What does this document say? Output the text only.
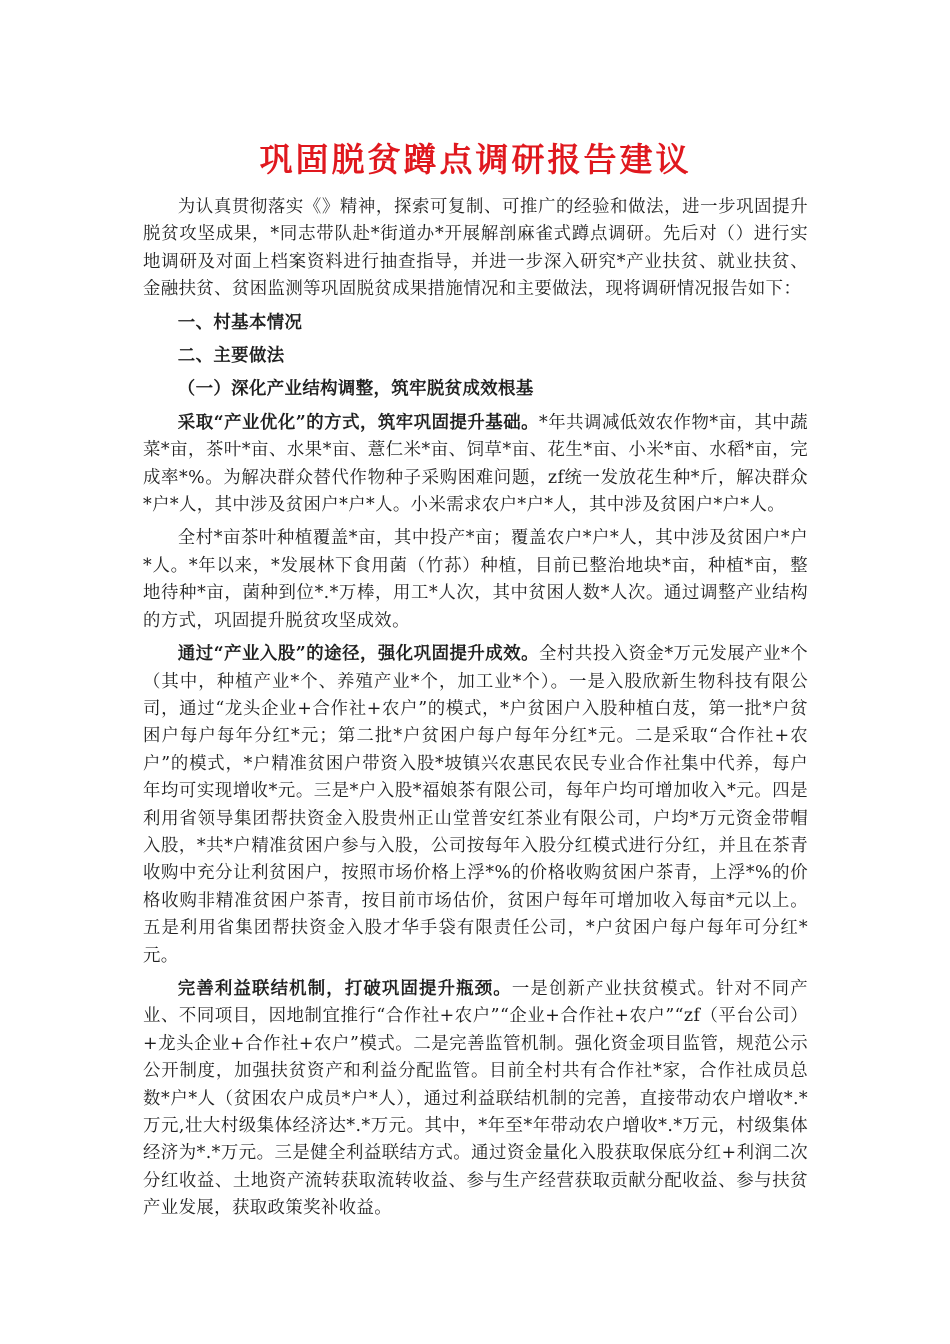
巩固脱贫蹲点调研报告建议

为认真贯彻落实《》精神，探索可复制、可推广的经验和做法，进一步巩固提升脱贫攻坚成果，*同志带队赴*街道办*开展解剖麻雀式蹲点调研。先后对（）进行实地调研及对面上档案资料进行抽查指导，并进一步深入研究*产业扶贫、就业扶贫、金融扶贫、贫困监测等巩固脱贫成果措施情况和主要做法，现将调研情况报告如下：

一、村基本情况

二、主要做法

（一）深化产业结构调整，筑牢脱贫成效根基

采取“产业优化”的方式，筑牢巩固提升基础。*年共调减低效农作物*亩，其中蔬菜*亩，茶叶*亩、水果*亩、薏仁米*亩、饲草*亩、花生*亩、小米*亩、水稻*亩，完成率*%。为解决群众替代作物种子采购困难问题，zf统一发放花生种*斤，解决群众*户*人，其中涉及贫困户*户*人。小米需求农户*户*人，其中涉及贫困户*户*人。

全村*亩茶叶种植覆盖*亩，其中投产*亩；覆盖农户*户*人，其中涉及贫困户*户*人。*年以来，*发展林下食用菌（竹荪）种植，目前已整治地块*亩，种植*亩，整地待种*亩，菌种到位*.*万棒，用工*人次，其中贫困人数*人次。通过调整产业结构的方式，巩固提升脱贫攻坚成效。

通过“产业入股”的途径，强化巩固提升成效。全村共投入资金*万元发展产业*个（其中，种植产业*个、养殖产业*个，加工业*个）。一是入股欣新生物科技有限公司，通过“龙头企业+合作社+农户”的模式，*户贫困户入股种植白芨，第一批*户贫困户每户每年分红*元；第二批*户贫困户每户每年分红*元。二是采取“合作社+农户”的模式，*户精准贫困户带资入股*坡镇兴农惠民农民专业合作社集中代养，每户年均可实现增收*元。三是*户入股*福娘茶有限公司，每年户均可增加收入*元。四是利用省领导集团帮扶资金入股贵州正山堂普安红茶业有限公司，户均*万元资金带帽入股，*共*户精准贫困户参与入股，公司按每年入股分红模式进行分红，并且在茶青收购中充分让利贫困户，按照市场价格上浮*%的价格收购贫困户茶青，上浮*%的价格收购非精准贫困户茶青，按目前市场估价，贫困户每年可增加收入每亩*元以上。五是利用省集团帮扶资金入股才华手袋有限责任公司，*户贫困户每户每年可分红*元。

完善利益联结机制，打破巩固提升瓶颈。一是创新产业扶贫模式。针对不同产业、不同项目，因地制宜推行“合作社+农户”“企业+合作社+农户”“zf（平台公司）+龙头企业+合作社+农户”模式。二是完善监管机制。强化资金项目监管，规范公示公开制度，加强扶贫资产和利益分配监管。目前全村共有合作社*家，合作社成员总数*户*人（贫困农户成员*户*人），通过利益联结机制的完善，直接带动农户增收*.*万元,壮大村级集体经济达*.*万元。其中，*年至*年带动农户增收*.*万元，村级集体经济为*.*万元。三是健全利益联结方式。通过资金量化入股获取保底分红+利润二次分红收益、土地资产流转获取流转收益、参与生产经营获取贡献分配收益、参与扶贫产业发展，获取政策奖补收益。
